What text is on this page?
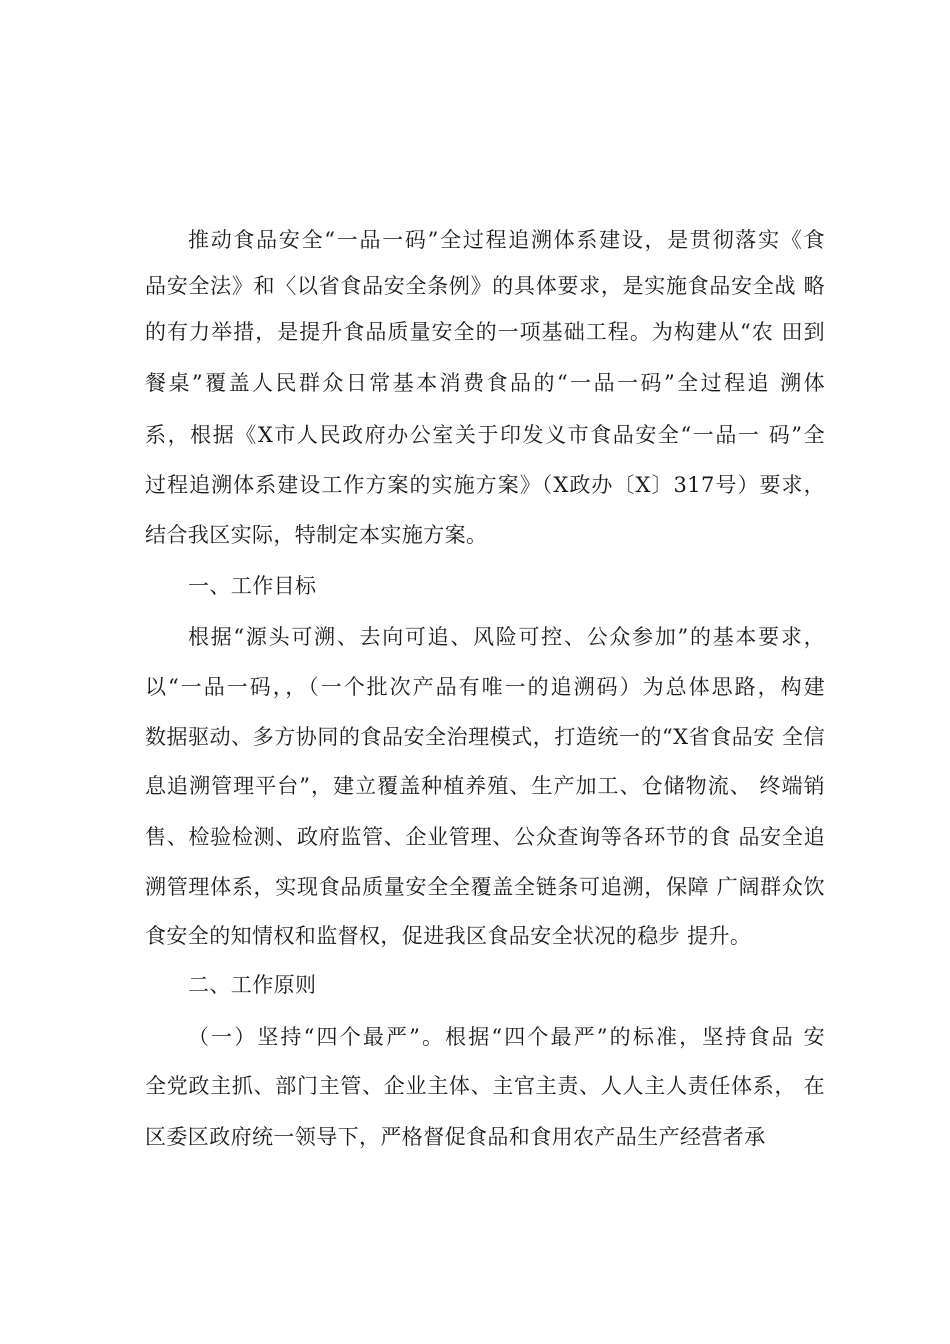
推动食品安全“一品一码”全过程追溯体系建设，是贯彻落实《食
品安全法》和〈以省食品安全条例》的具体要求，是实施食品安全战 略
的有力举措，是提升食品质量安全的一项基础工程。为构建从“农 田到
餐桌”覆盖人民群众日常基本消费食品的“一品一码”全过程追 溯体
系，根据《X市人民政府办公室关于印发义市食品安全“一品一 码”全
过程追溯体系建设工作方案的实施方案》（X政办〔X〕317号）要求，
结合我区实际，特制定本实施方案。
一、工作目标
根据“源头可溯、去向可追、风险可控、公众参加”的基本要求，
以“一品一码，，（一个批次产品有唯一的追溯码）为总体思路，构建
数据驱动、多方协同的食品安全治理模式，打造统一的“X省食品安 全信
息追溯管理平台”，建立覆盖种植养殖、生产加工、仓储物流、 终端销
售、检验检测、政府监管、企业管理、公众查询等各环节的食 品安全追
溯管理体系，实现食品质量安全全覆盖全链条可追溯，保障 广阔群众饮
食安全的知情权和监督权，促进我区食品安全状况的稳步 提升。
二、工作原则
（一）坚持“四个最严”。根据“四个最严”的标准，坚持食品 安
全党政主抓、部门主管、企业主体、主官主责、人人主人责任体系， 在
区委区政府统一领导下，严格督促食品和食用农产品生产经营者承
